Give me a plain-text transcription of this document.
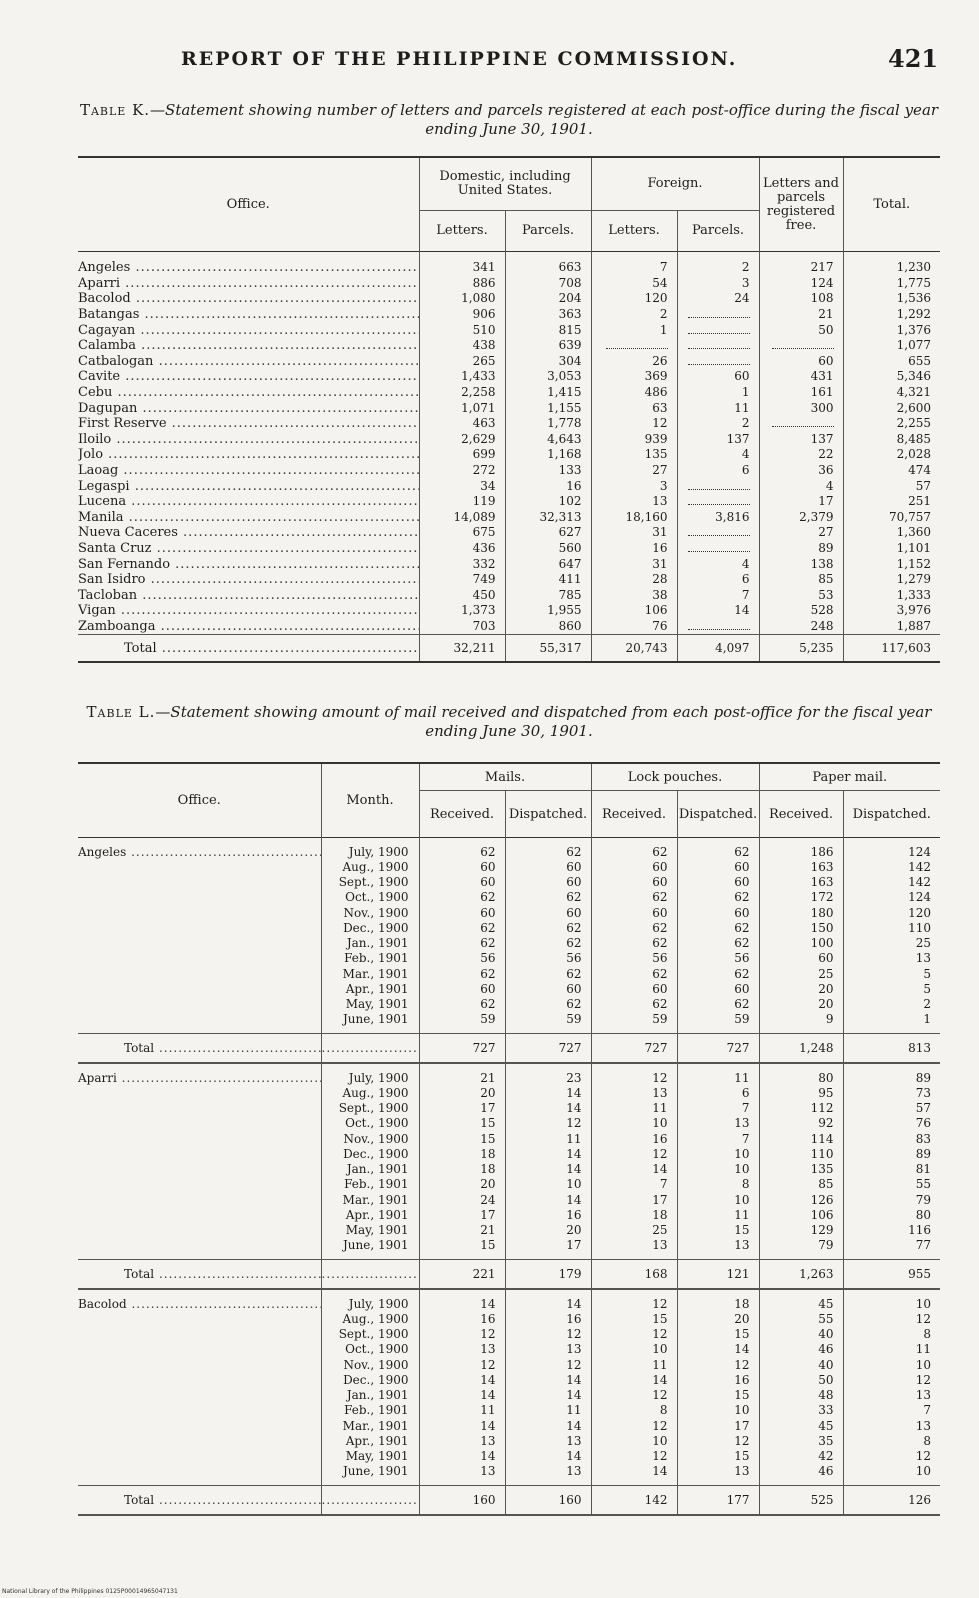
REPORT OF THE PHILIPPINE COMMISSION.	421
Table K.—Statement showing number of letters and parcels registered at each post-office during the fiscal year ending June 30, 1901.
Office.	Domestic, including United States.		Foreign.		Letters and parcels registered free.	Total.
	Letters.	Parcels.	Letters.	Parcels.		
Angeles .....	341	663	7	2	217	1,230
Aparri .....	886	708	54	3	124	1,775
Bacolod .....	1,080	204	120	24	108	1,536
Batangas .....	906	363	2		21	1,292
Cagayan .....	510	815	1		50	1,376
Calamba .....	438	639				1,077
Catbalogan .....	265	304	26		60	655
Cavite .....	1,433	3,053	369	60	431	5,346
Cebu .....	2,258	1,415	486	1	161	4,321
Dagupan .....	1,071	1,155	63	11	300	2,600
First Reserve .....	463	1,778	12	2		2,255
Iloilo .....	2,629	4,643	939	137	137	8,485
Jolo .....	699	1,168	135	4	22	2,028
Laoag .....	272	133	27	6	36	474
Legaspi .....	34	16	3		4	57
Lucena .....	119	102	13		17	251
Manila .....	14,089	32,313	18,160	3,816	2,379	70,757
Nueva Caceres .....	675	627	31		27	1,360
Santa Cruz .....	436	560	16		89	1,101
San Fernando .....	332	647	31	4	138	1,152
San Isidro .....	749	411	28	6	85	1,279
Tacloban .....	450	785	38	7	53	1,333
Vigan .....	1,373	1,955	106	14	528	3,976
Zamboanga .....	703	860	76		248	1,887
Total .....	32,211	55,317	20,743	4,097	5,235	117,603
Table L.—Statement showing amount of mail received and dispatched from each post-office for the fiscal year ending June 30, 1901.
Office.	Month.	Mails.		Lock pouches.		Paper mail.	
		Received.	Dispatched.	Received.	Dispatched.	Received.	Dispatched.
Angeles .....	July, 1900	62	62	62	62	186	124
	Aug., 1900	60	60	60	60	163	142
	Sept., 1900	60	60	60	60	163	142
	Oct., 1900	62	62	62	62	172	124
	Nov., 1900	60	60	60	60	180	120
	Dec., 1900	62	62	62	62	150	110
	Jan., 1901	62	62	62	62	100	25
	Feb., 1901	56	56	56	56	60	13
	Mar., 1901	62	62	62	62	25	5
	Apr., 1901	60	60	60	60	20	5
	May, 1901	62	62	62	62	20	2
	June, 1901	59	59	59	59	9	1

Total .....	.....	727	727	727	727	1,248	813
Aparri .....	July, 1900	21	23	12	11	80	89
	Aug., 1900	20	14	13	6	95	73
	Sept., 1900	17	14	11	7	112	57
	Oct., 1900	15	12	10	13	92	76
	Nov., 1900	15	11	16	7	114	83
	Dec., 1900	18	14	12	10	110	89
	Jan., 1901	18	14	14	10	135	81
	Feb., 1901	20	10	7	8	85	55
	Mar., 1901	24	14	17	10	126	79
	Apr., 1901	17	16	18	11	106	80
	May, 1901	21	20	25	15	129	116
	June, 1901	15	17	13	13	79	77

Total .....	.....	221	179	168	121	1,263	955
Bacolod .....	July, 1900	14	14	12	18	45	10
	Aug., 1900	16	16	15	20	55	12
	Sept., 1900	12	12	12	15	40	8
	Oct., 1900	13	13	10	14	46	11
	Nov., 1900	12	12	11	12	40	10
	Dec., 1900	14	14	14	16	50	12
	Jan., 1901	14	14	12	15	48	13
	Feb., 1901	11	11	8	10	33	7
	Mar., 1901	14	14	12	17	45	13
	Apr., 1901	13	13	10	12	35	8
	May, 1901	14	14	12	15	42	12
	June, 1901	13	13	14	13	46	10

Total .....	.....	160	160	142	177	525	126
National Library of the Philippines 0125P00014965047131
